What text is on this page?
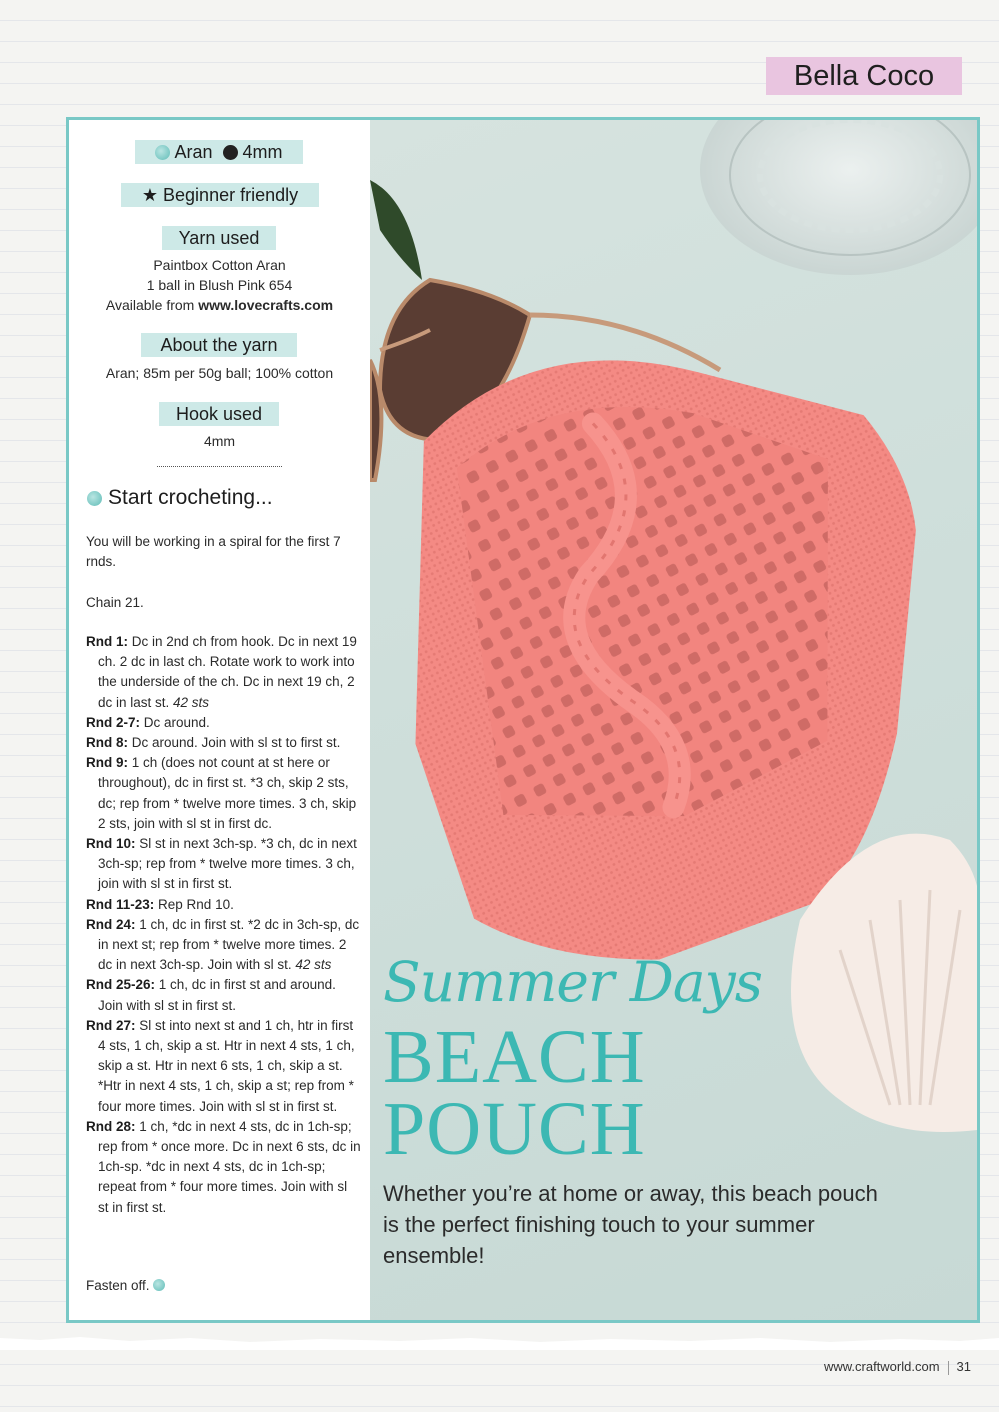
Bella Coco
Aran 4mm
★ Beginner friendly
Yarn used
Paintbox Cotton Aran
1 ball in Blush Pink 654
Available from www.lovecrafts.com
About the yarn
Aran; 85m per 50g ball; 100% cotton
Hook used
4mm
Start crocheting...
You will be working in a spiral for the first 7 rnds.
Chain 21.

Rnd 1: Dc in 2nd ch from hook. Dc in next 19 ch. 2 dc in last ch. Rotate work to work into the underside of the ch. Dc in next 19 ch, 2 dc in last st. 42 sts

Rnd 2-7: Dc around.

Rnd 8: Dc around. Join with sl st to first st.

Rnd 9: 1 ch (does not count at st here or throughout), dc in first st. *3 ch, skip 2 sts, dc; rep from * twelve more times. 3 ch, skip 2 sts, join with sl st in first dc.

Rnd 10: Sl st in next 3ch-sp. *3 ch, dc in next 3ch-sp; rep from * twelve more times. 3 ch, join with sl st in first st.

Rnd 11-23: Rep Rnd 10.

Rnd 24: 1 ch, dc in first st. *2 dc in 3ch-sp, dc in next st; rep from * twelve more times. 2 dc in next 3ch-sp. Join with sl st. 42 sts

Rnd 25-26: 1 ch, dc in first st and around. Join with sl st in first st.

Rnd 27: Sl st into next st and 1 ch, htr in first 4 sts, 1 ch, skip a st. Htr in next 4 sts, 1 ch, skip a st. Htr in next 6 sts, 1 ch, skip a st. *Htr in next 4 sts, 1 ch, skip a st; rep from * four more times. Join with sl st in first st.

Rnd 28: 1 ch, *dc in next 4 sts, dc in 1ch-sp; rep from * once more. Dc in next 6 sts, dc in 1ch-sp. *dc in next 4 sts, dc in 1ch-sp; repeat from * four more times. Join with sl st in first st.

Fasten off.
Summer Days
BEACH
POUCH
Whether you’re at home or away, this beach pouch is the perfect finishing touch to your summer ensemble!
www.craftworld.com 31
